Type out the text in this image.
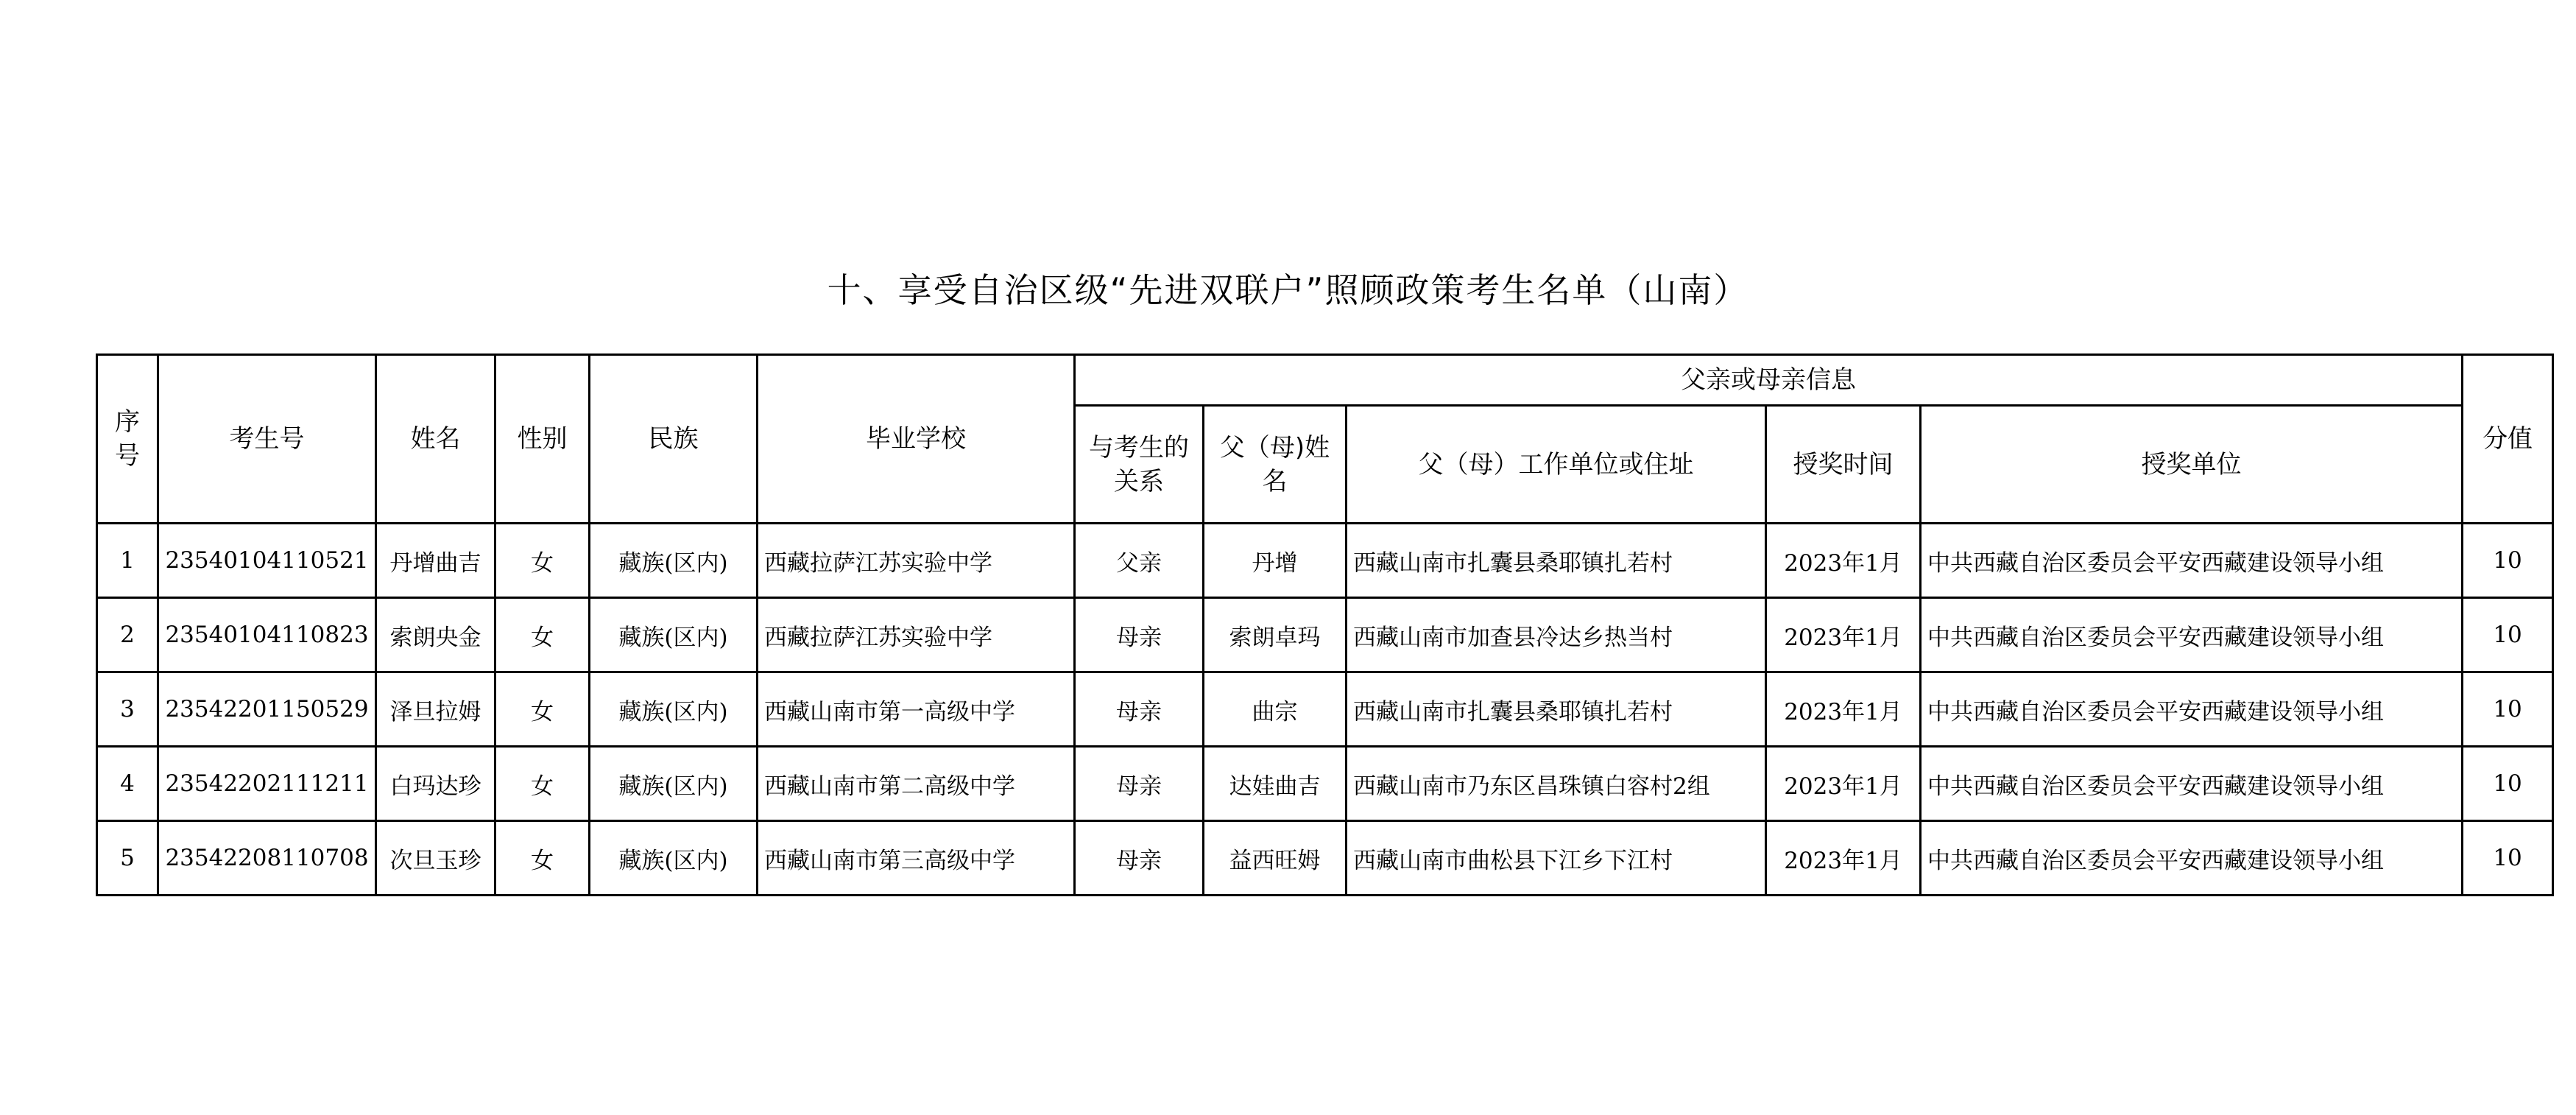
十、享受自治区级“先进双联户”照顾政策考生名单（山南）
序号	考生号	姓名	性别	民族	毕业学校	父亲或母亲信息					分值

						与考生的关系	父（母)姓名	父（母）工作单位或住址	授奖时间	授奖单位	
1	23540104110521	丹增曲吉	女	藏族(区内)	西藏拉萨江苏实验中学	父亲	丹增	西藏山南市扎囊县桑耶镇扎若村	2023年1月	中共西藏自治区委员会平安西藏建设领导小组	10
2	23540104110823	索朗央金	女	藏族(区内)	西藏拉萨江苏实验中学	母亲	索朗卓玛	西藏山南市加查县冷达乡热当村	2023年1月	中共西藏自治区委员会平安西藏建设领导小组	10
3	23542201150529	泽旦拉姆	女	藏族(区内)	西藏山南市第一高级中学	母亲	曲宗	西藏山南市扎囊县桑耶镇扎若村	2023年1月	中共西藏自治区委员会平安西藏建设领导小组	10
4	23542202111211	白玛达珍	女	藏族(区内)	西藏山南市第二高级中学	母亲	达娃曲吉	西藏山南市乃东区昌珠镇白容村2组	2023年1月	中共西藏自治区委员会平安西藏建设领导小组	10
5	23542208110708	次旦玉珍	女	藏族(区内)	西藏山南市第三高级中学	母亲	益西旺姆	西藏山南市曲松县下江乡下江村	2023年1月	中共西藏自治区委员会平安西藏建设领导小组	10
